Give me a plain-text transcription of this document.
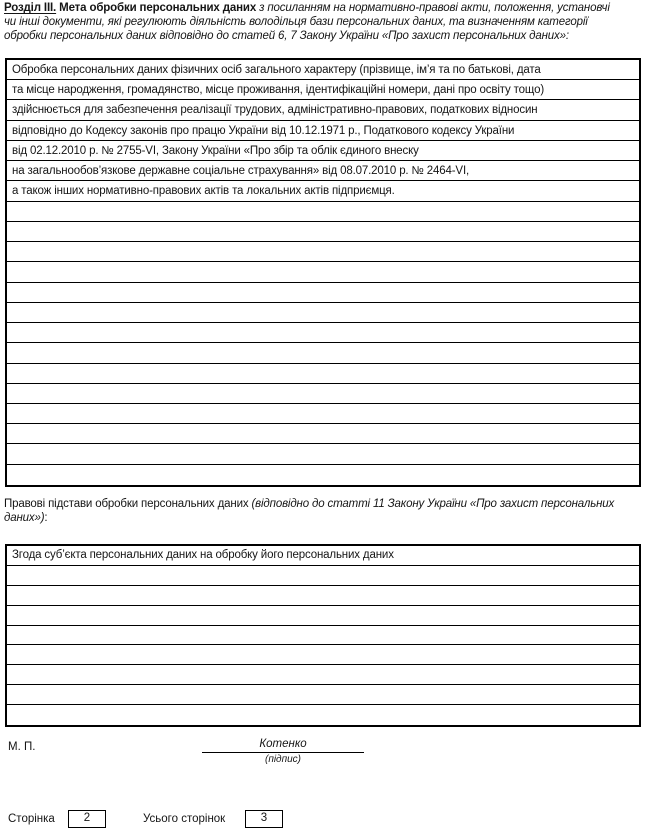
Розділ III. Мета обробки персональних даних з посиланням на нормативно-правові акти, положення, установчі
чи інші документи, які регулюють діяльність володільця бази персональних даних, та визначенням категорії
обробки персональних даних відповідно до статей 6, 7 Закону України «Про захист персональних даних»:
Обробка персональних даних фізичних осіб загального характеру (прізвище, ім’я та по батькові, дата
та місце народження, громадянство, місце проживання, ідентифікаційні номери, дані про освіту тощо)
здійснюється для забезпечення реалізації трудових, адміністративно-правових, податкових відносин
відповідно до Кодексу законів про працю України від 10.12.1971 р., Податкового кодексу України
від 02.12.2010 р. № 2755-VI, Закону України «Про збір та облік єдиного внеску
на загальнообов’язкове державне соціальне страхування» від 08.07.2010 р. № 2464-VI,
а також інших нормативно-правових актів та локальних актів підприємця.
Правові підстави обробки персональних даних (відповідно до статті 11 Закону України «Про захист персональних
даних»):
Згода суб’єкта персональних даних на обробку його персональних даних
М. П.	Котенко
(підпис)
Сторінка	2	Усього сторінок	3
